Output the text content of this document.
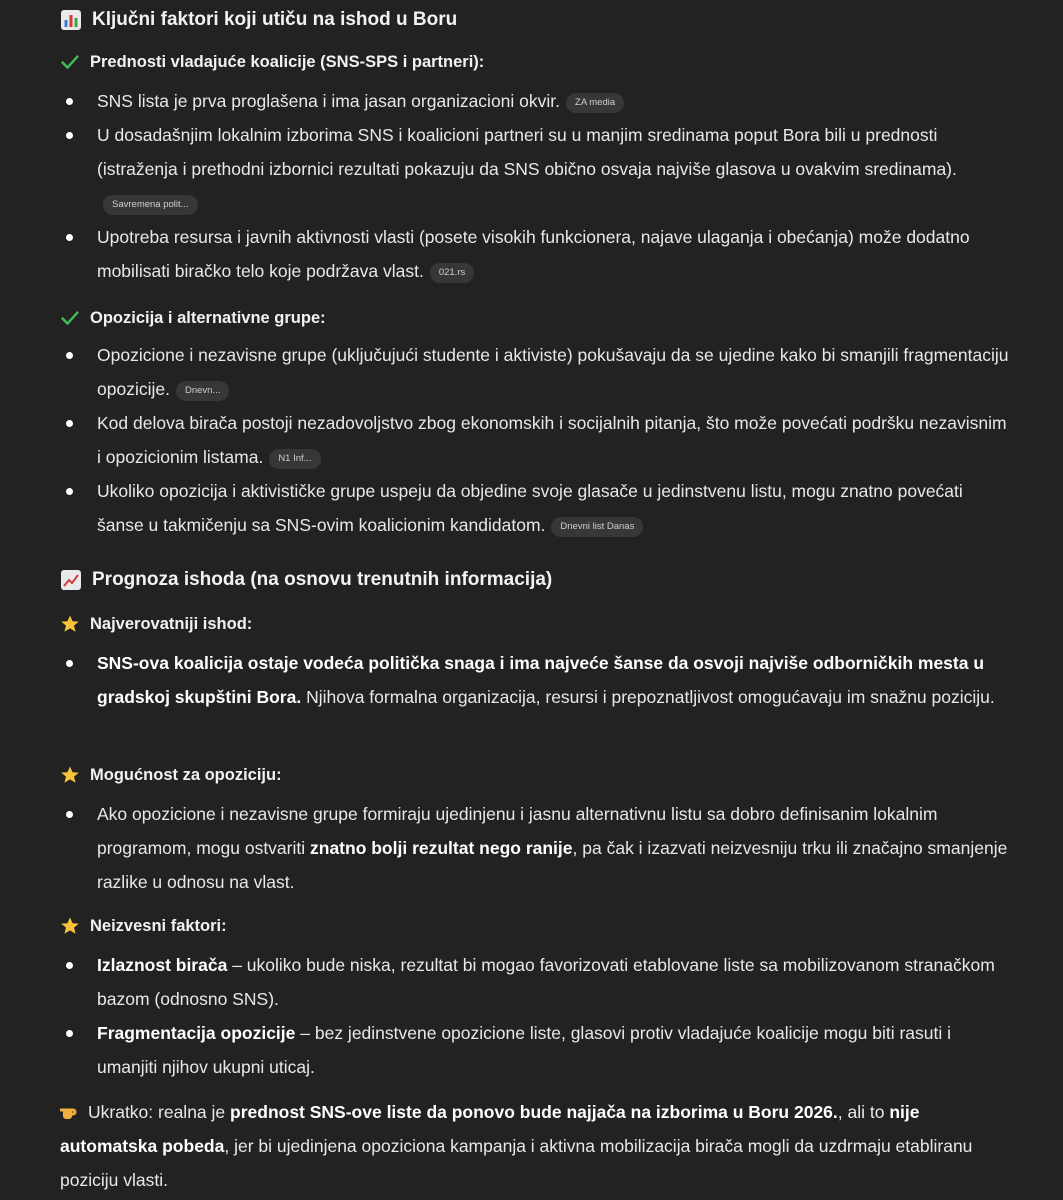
Ključni faktori koji utiču na ishod u Boru
Prednosti vladajuće koalicije (SNS-SPS i partneri):
SNS lista je prva proglašena i ima jasan organizacioni okvir. ZA media
U dosadašnjim lokalnim izborima SNS i koalicioni partneri su u manjim sredinama poput Bora bili u prednosti (istraženja i prethodni izbornici rezultati pokazuju da SNS obično osvaja najviše glasova u ovakvim sredinama).Savremena polit...
Upotreba resursa i javnih aktivnosti vlasti (posete visokih funkcionera, najave ulaganja i obećanja) može dodatno mobilisati biračko telo koje podržava vlast. 021.rs
Opozicija i alternativne grupe:
Opozicione i nezavisne grupe (uključujući studente i aktiviste) pokušavaju da se ujedine kako bi smanjili fragmentaciju opozicije. Dnevn...
Kod delova birača postoji nezadovoljstvo zbog ekonomskih i socijalnih pitanja, što može povećati podršku nezavisnim i opozicionim listama. N1 Inf...
Ukoliko opozicija i aktivističke grupe uspeju da objedine svoje glasače u jedinstvenu listu, mogu znatno povećati šanse u takmičenju sa SNS-ovim koalicionim kandidatom. Dnevni list Danas
Prognoza ishoda (na osnovu trenutnih informacija)
Najverovatniji ishod:
SNS-ova koalicija ostaje vodeća politička snaga i ima najveće šanse da osvoji najviše odborničkih mesta u gradskoj skupštini Bora. Njihova formalna organizacija, resursi i prepoznatljivost omogućavaju im snažnu poziciju.
Mogućnost za opoziciju:
Ako opozicione i nezavisne grupe formiraju ujedinjenu i jasnu alternativnu listu sa dobro definisanim lokalnim programom, mogu ostvariti znatno bolji rezultat nego ranije, pa čak i izazvati neizvesniju trku ili značajno smanjenje razlike u odnosu na vlast.
Neizvesni faktori:
Izlaznost birača – ukoliko bude niska, rezultat bi mogao favorizovati etablovane liste sa mobilizovanom stranačkom bazom (odnosno SNS).
Fragmentacija opozicije – bez jedinstvene opozicione liste, glasovi protiv vladajuće koalicije mogu biti rasuti i umanjiti njihov ukupni uticaj.
Ukratko: realna je prednost SNS-ove liste da ponovo bude najjača na izborima u Boru 2026., ali to nije automatska pobeda, jer bi ujedinjena opoziciona kampanja i aktivna mobilizacija birača mogli da uzdrmaju etabliranu poziciju vlasti.
